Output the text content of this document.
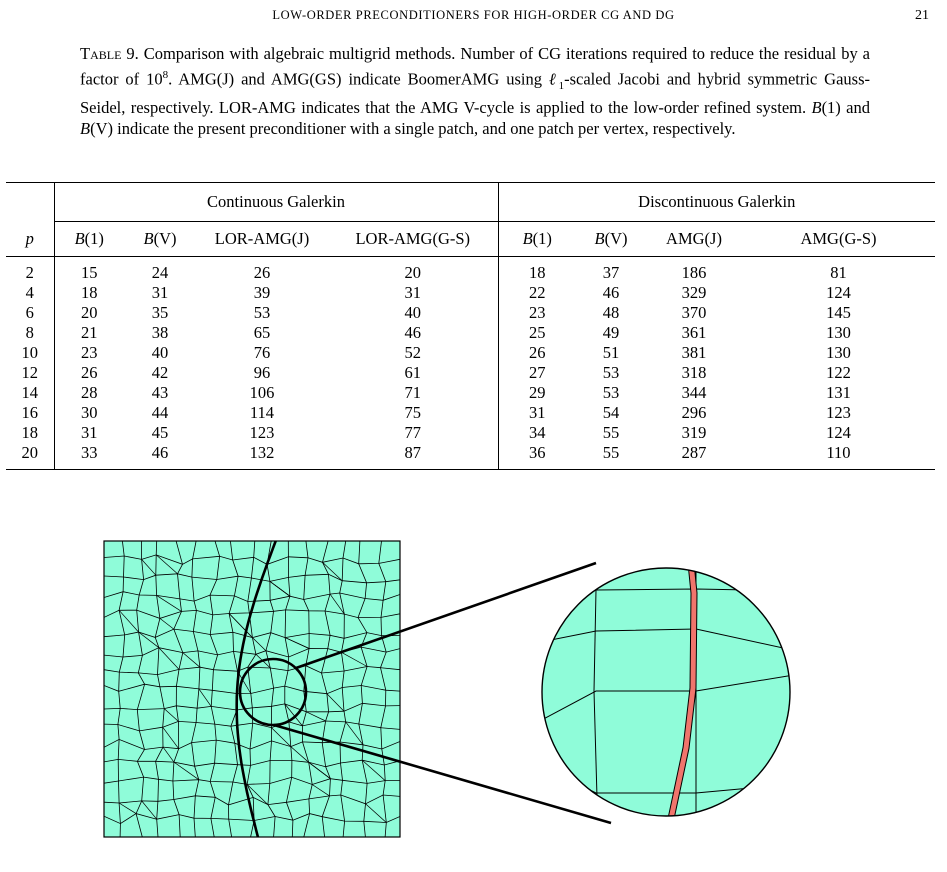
LOW-ORDER PRECONDITIONERS FOR HIGH-ORDER CG AND DG	21
Table 9. Comparison with algebraic multigrid methods. Number of CG iterations required to reduce the residual by a factor of $10^8$. AMG(J) and AMG(GS) indicate BoomerAMG using ℓ$_1$-scaled Jacobi and hybrid symmetric Gauss-Seidel, respectively. LOR-AMG indicates that the AMG V-cycle is applied to the low-order refined system. B(1) and B(V) indicate the present preconditioner with a single patch, and one patch per vertex, respectively.

	Continuous Galerkin				Discontinuous Galerkin			
p	B(1)	B(V)	LOR-AMG(J)	LOR-AMG(G-S)	B(1)	B(V)	AMG(J)	AMG(G-S)

2	15	24	26	20	18	37	186	81
4	18	31	39	31	22	46	329	124
6	20	35	53	40	23	48	370	145
8	21	38	65	46	25	49	361	130
10	23	40	76	52	26	51	381	130
12	26	42	96	61	27	53	318	122
14	28	43	106	71	29	53	344	131
16	30	44	114	75	31	54	296	123
18	31	45	123	77	34	55	319	124
20	33	46	132	87	36	55	287	110
